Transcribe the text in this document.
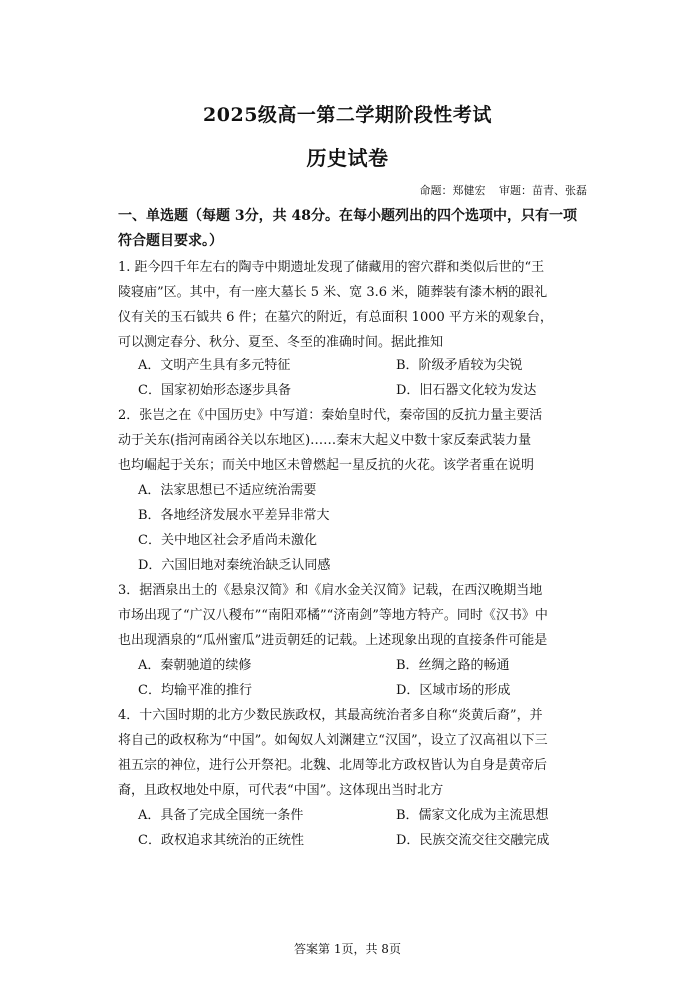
2025级高一第二学期阶段性考试
历史试卷
命题：郑健宏 审题：苗青、张磊
一、单选题（每题 3分，共 48分。在每小题列出的四个选项中，只有一项
符合题目要求。）
1. 距今四千年左右的陶寺中期遗址发现了储藏用的窖穴群和类似后世的“王
陵寝庙”区。其中，有一座大墓长 5 米、宽 3.6 米，随葬装有漆木柄的跟礼
仪有关的玉石钺共 6 件；在墓穴的附近，有总面积 1000 平方米的观象台，
可以测定春分、秋分、夏至、冬至的准确时间。据此推知
A．文明产生具有多元特征	B．阶级矛盾较为尖锐
C．国家初始形态逐步具备	D．旧石器文化较为发达
2．张岂之在《中国历史》中写道：秦始皇时代，秦帝国的反抗力量主要活
动于关东(指河南函谷关以东地区)……秦末大起义中数十家反秦武装力量
也均崛起于关东；而关中地区未曾燃起一星反抗的火花。该学者重在说明
A．法家思想已不适应统治需要
B．各地经济发展水平差异非常大
C．关中地区社会矛盾尚未激化
D．六国旧地对秦统治缺乏认同感
3．据酒泉出土的《悬泉汉简》和《肩水金关汉简》记载，在西汉晚期当地
市场出现了“广汉八稯布”“南阳邓橘”“济南剑”等地方特产。同时《汉书》中
也出现酒泉的“瓜州蜜瓜”进贡朝廷的记载。上述现象出现的直接条件可能是
A．秦朝驰道的续修	B．丝绸之路的畅通
C．均输平准的推行	D．区域市场的形成
4．十六国时期的北方少数民族政权，其最高统治者多自称“炎黄后裔”，并
将自己的政权称为“中国”。如匈奴人刘渊建立“汉国”，设立了汉高祖以下三
祖五宗的神位，进行公开祭祀。北魏、北周等北方政权皆认为自身是黄帝后
裔，且政权地处中原，可代表“中国”。这体现出当时北方
A．具备了完成全国统一条件	B．儒家文化成为主流思想
C．政权追求其统治的正统性	D．民族交流交往交融完成
答案第 1页，共 8页
